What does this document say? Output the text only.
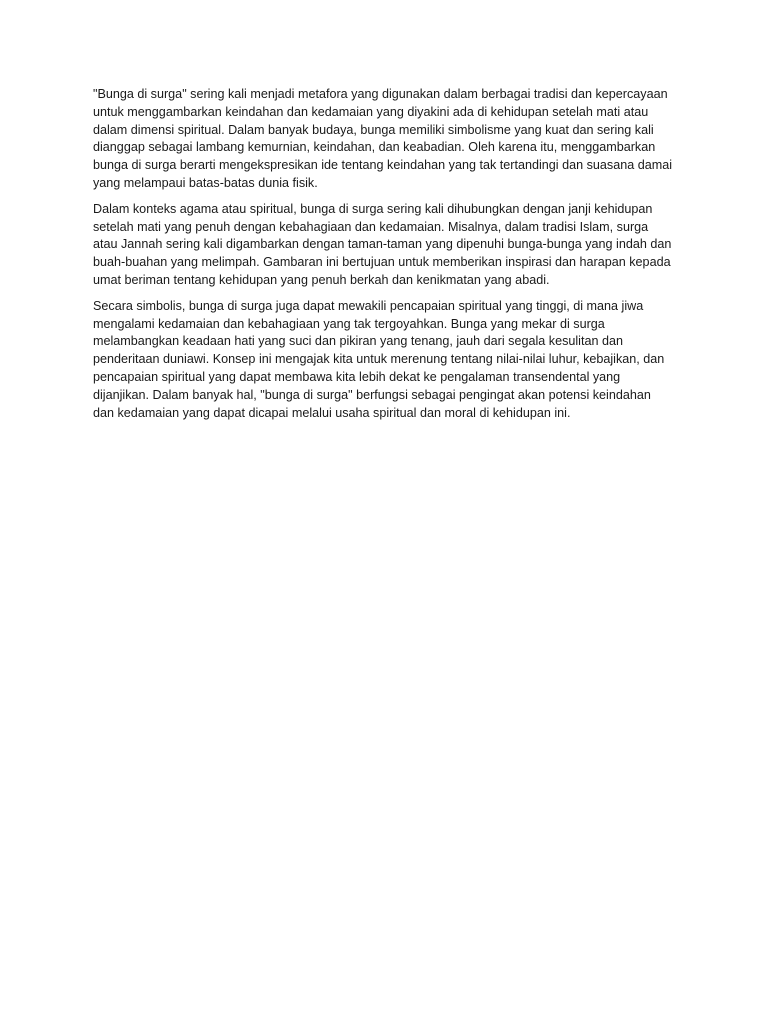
"Bunga di surga" sering kali menjadi metafora yang digunakan dalam berbagai tradisi dan kepercayaan untuk menggambarkan keindahan dan kedamaian yang diyakini ada di kehidupan setelah mati atau dalam dimensi spiritual. Dalam banyak budaya, bunga memiliki simbolisme yang kuat dan sering kali dianggap sebagai lambang kemurnian, keindahan, dan keabadian. Oleh karena itu, menggambarkan bunga di surga berarti mengekspresikan ide tentang keindahan yang tak tertandingi dan suasana damai yang melampaui batas-batas dunia fisik.

Dalam konteks agama atau spiritual, bunga di surga sering kali dihubungkan dengan janji kehidupan setelah mati yang penuh dengan kebahagiaan dan kedamaian. Misalnya, dalam tradisi Islam, surga atau Jannah sering kali digambarkan dengan taman-taman yang dipenuhi bunga-bunga yang indah dan buah-buahan yang melimpah. Gambaran ini bertujuan untuk memberikan inspirasi dan harapan kepada umat beriman tentang kehidupan yang penuh berkah dan kenikmatan yang abadi.

Secara simbolis, bunga di surga juga dapat mewakili pencapaian spiritual yang tinggi, di mana jiwa mengalami kedamaian dan kebahagiaan yang tak tergoyahkan. Bunga yang mekar di surga melambangkan keadaan hati yang suci dan pikiran yang tenang, jauh dari segala kesulitan dan penderitaan duniawi. Konsep ini mengajak kita untuk merenung tentang nilai-nilai luhur, kebajikan, dan pencapaian spiritual yang dapat membawa kita lebih dekat ke pengalaman transendental yang dijanjikan. Dalam banyak hal, "bunga di surga" berfungsi sebagai pengingat akan potensi keindahan dan kedamaian yang dapat dicapai melalui usaha spiritual dan moral di kehidupan ini.
